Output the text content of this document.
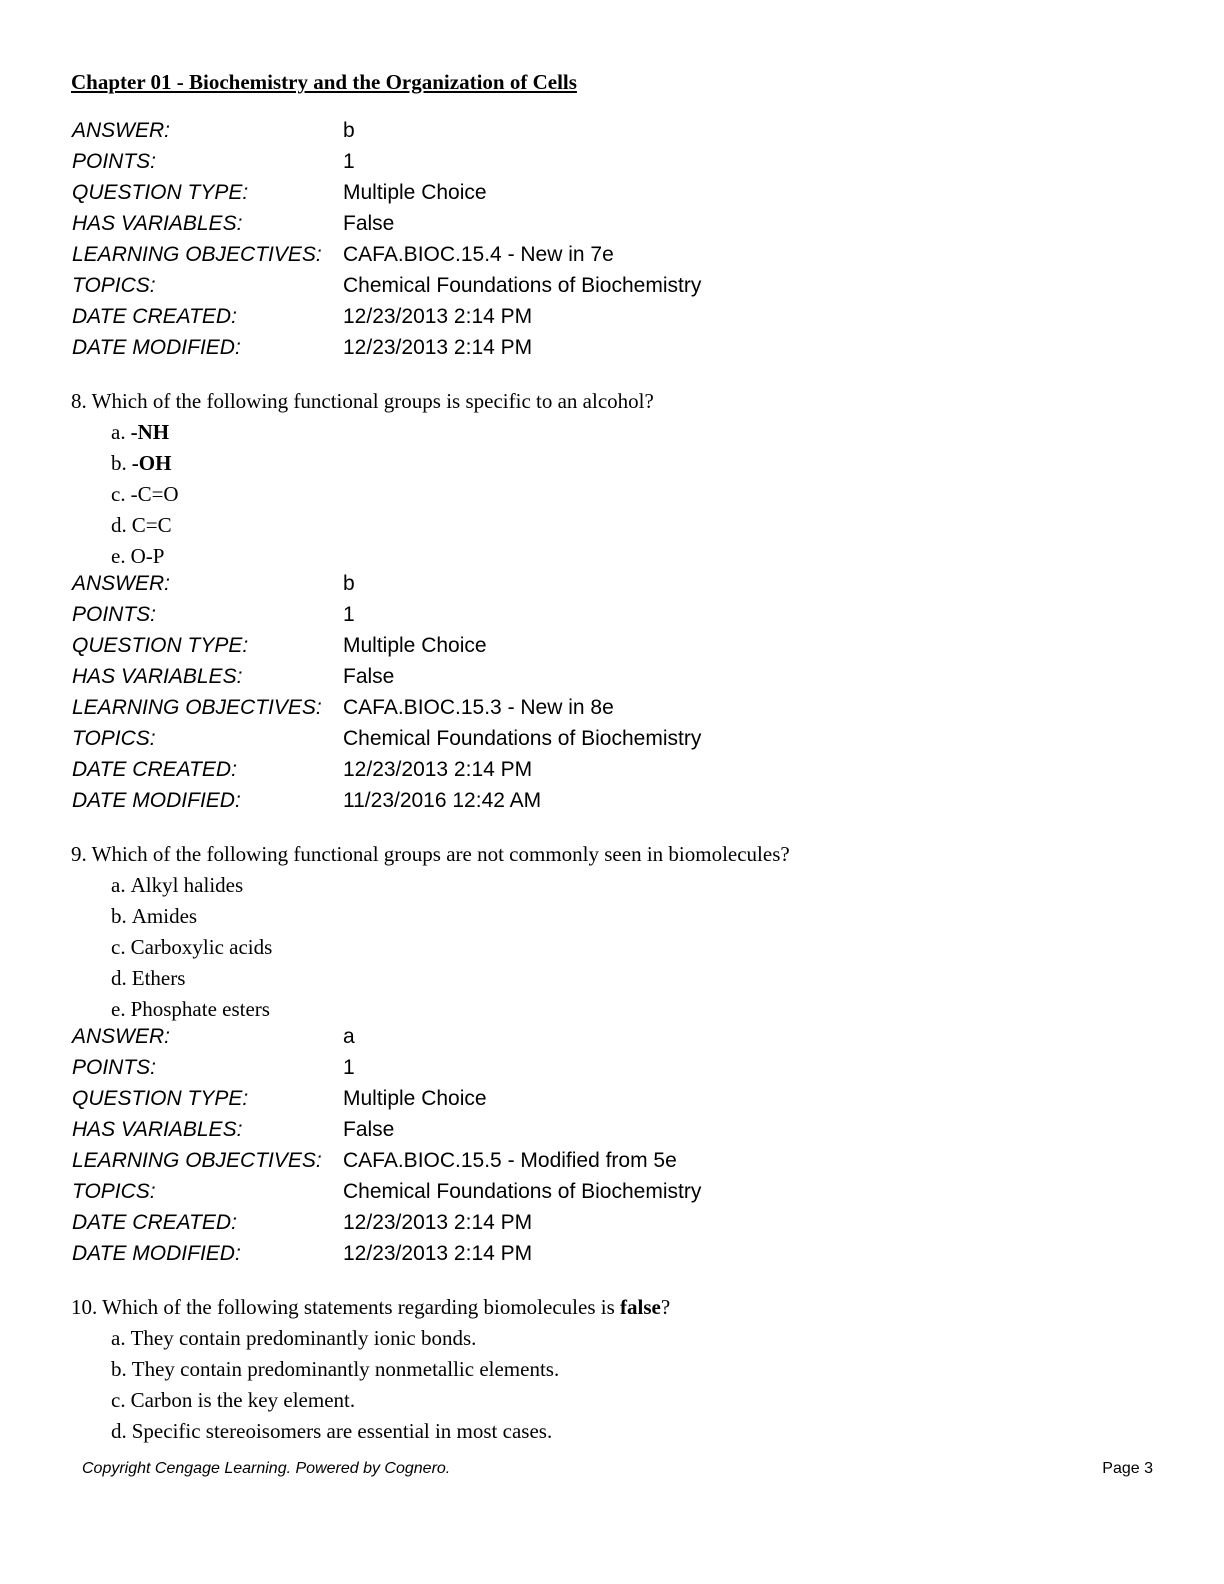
Chapter 01 - Biochemistry and the Organization of Cells
ANSWER:	b
POINTS:	1
QUESTION TYPE:	Multiple Choice
HAS VARIABLES:	False
LEARNING OBJECTIVES: CAFA.BIOC.15.4 - New in 7e
TOPICS:	Chemical Foundations of Biochemistry
DATE CREATED:	12/23/2013 2:14 PM
DATE MODIFIED:	12/23/2013 2:14 PM
8. Which of the following functional groups is specific to an alcohol?
a. -NH
b. -OH
c. -C=O
d. C=C
e. O-P
ANSWER:	b
POINTS:	1
QUESTION TYPE:	Multiple Choice
HAS VARIABLES:	False
LEARNING OBJECTIVES: CAFA.BIOC.15.3 - New in 8e
TOPICS:	Chemical Foundations of Biochemistry
DATE CREATED:	12/23/2013 2:14 PM
DATE MODIFIED:	11/23/2016 12:42 AM
9. Which of the following functional groups are not commonly seen in biomolecules?
a. Alkyl halides
b. Amides
c. Carboxylic acids
d. Ethers
e. Phosphate esters
ANSWER:	a
POINTS:	1
QUESTION TYPE:	Multiple Choice
HAS VARIABLES:	False
LEARNING OBJECTIVES: CAFA.BIOC.15.5 - Modified from 5e
TOPICS:	Chemical Foundations of Biochemistry
DATE CREATED:	12/23/2013 2:14 PM
DATE MODIFIED:	12/23/2013 2:14 PM
10. Which of the following statements regarding biomolecules is false?
a. They contain predominantly ionic bonds.
b. They contain predominantly nonmetallic elements.
c. Carbon is the key element.
d. Specific stereoisomers are essential in most cases.
Copyright Cengage Learning. Powered by Cognero.	Page 3
